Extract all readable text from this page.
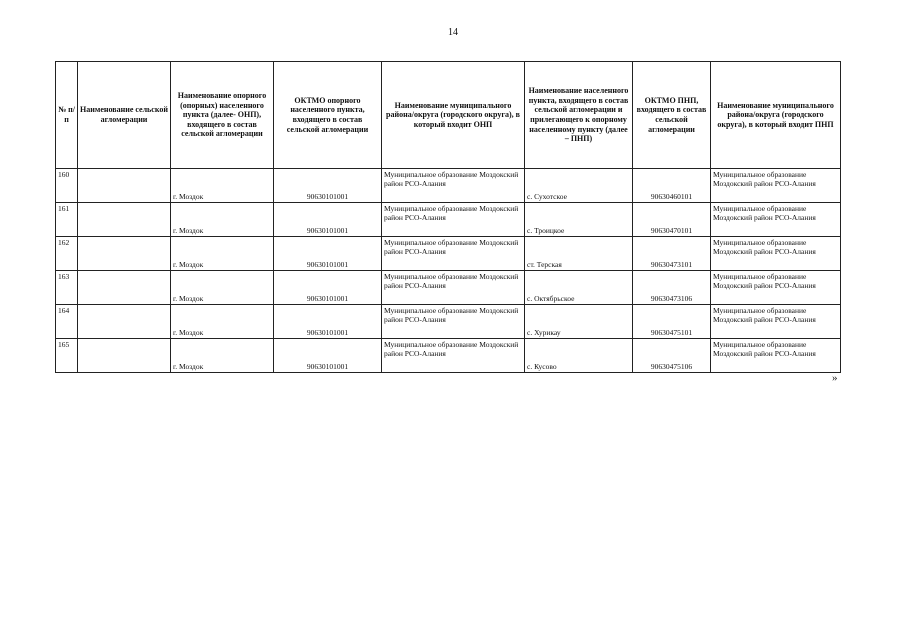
14
№ п/п	Наименование сельской агломерации	Наименование опорного (опорных) населенного пункта (далее- ОНП), входящего в состав сельской агломерации	ОКТМО опорного населенного пункта, входящего в состав сельской агломерации	Наименование муниципального района/округа (городского округа), в который входит ОНП	Наименование населенного пункта, входящего в состав сельской агломерации и прилегающего к опорному населенному пункту (далее – ПНП)	ОКТМО ПНП, входящего в состав сельской агломерации	Наименование муниципального района/округа (городского округа), в который входит ПНП
160		г. Моздок	90630101001	Муниципальное образование Моздокский район РСО-Алания	с. Сухотское	90630460101	Муниципальное образование Моздокский район РСО-Алания
161		г. Моздок	90630101001	Муниципальное образование Моздокский район РСО-Алания	с. Троицкое	90630470101	Муниципальное образование Моздокский район РСО-Алания
162		г. Моздок	90630101001	Муниципальное образование Моздокский район РСО-Алания	ст. Терская	90630473101	Муниципальное образование Моздокский район РСО-Алания
163		г. Моздок	90630101001	Муниципальное образование Моздокский район РСО-Алания	с. Октябрьское	90630473106	Муниципальное образование Моздокский район РСО-Алания
164		г. Моздок	90630101001	Муниципальное образование Моздокский район РСО-Алания	с. Хурикау	90630475101	Муниципальное образование Моздокский район РСО-Алания
165		г. Моздок	90630101001	Муниципальное образование Моздокский район РСО-Алания	с. Кусово	90630475106	Муниципальное образование Моздокский район РСО-Алания
»
